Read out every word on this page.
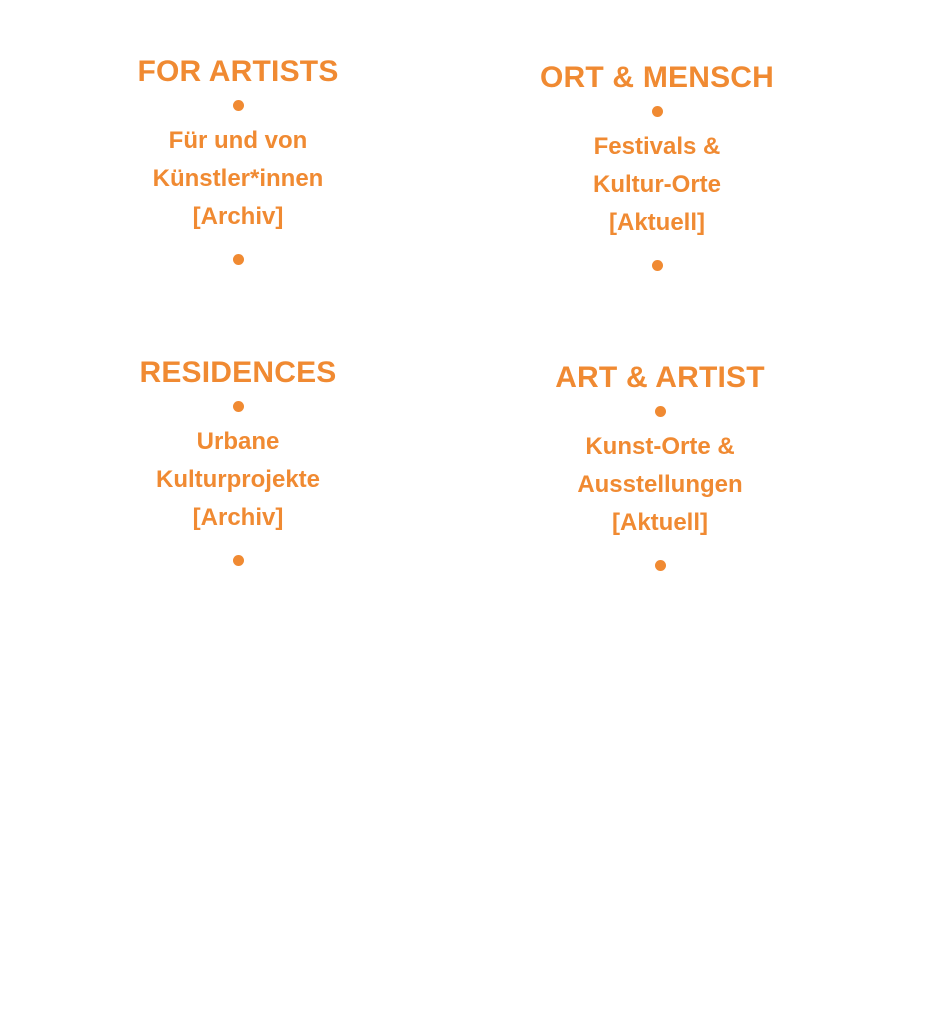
FOR ARTISTS
Für und von
Künstler*innen
[Archiv]
ORT & MENSCH
Festivals &
Kultur-Orte
[Aktuell]
RESIDENCES
Urbane
Kulturprojekte
[Archiv]
ART & ARTIST
Kunst-Orte &
Ausstellungen
[Aktuell]
